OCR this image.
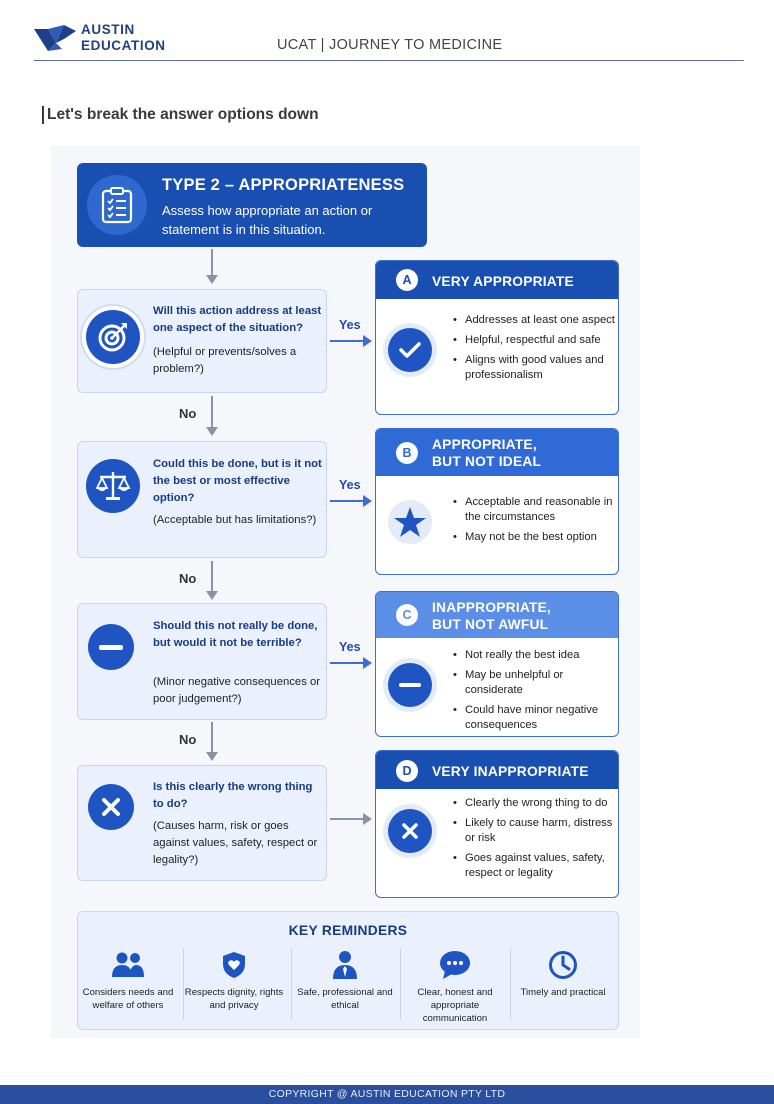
AUSTIN
EDUCATION	UCAT | JOURNEY TO MEDICINE
Let's break the answer options down
TYPE 2 – APPROPRIATENESS
Assess how appropriate an action or statement is in this situation.
No
No
No
Yes
Yes
Yes
Will this action address at least one aspect of the situation?
(Helpful or prevents/solves a problem?)
Could this be done, but is it not the best or most effective option?
(Acceptable but has limitations?)
Should this not really be done, but would it not be terrible?
(Minor negative consequences or poor judgement?)
Is this clearly the wrong thing to do?
(Causes harm, risk or goes against values, safety, respect or legality?)
A	VERY APPROPRIATE
• Addresses at least one aspect
• Helpful, respectful and safe
• Aligns with good values and professionalism
B
APPROPRIATE,
BUT NOT IDEAL
• Acceptable and reasonable in the circumstances
• May not be the best option
C	INAPPROPRIATE,
BUT NOT AWFUL
• Not really the best idea
• May be unhelpful or considerate
• Could have minor negative consequences
D	VERY INAPPROPRIATE
• Clearly the wrong thing to do
• Likely to cause harm, distress or risk
• Goes against values, safety, respect or legality
KEY REMINDERS
Considers needs and welfare of others
Respects dignity, rights and privacy
Safe, professional and ethical
Clear, honest and appropriate communication
Timely and practical
COPYRIGHT @ AUSTIN EDUCATION PTY LTD
